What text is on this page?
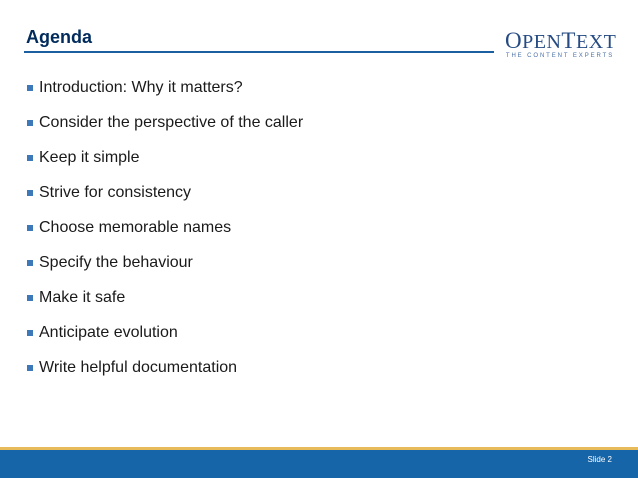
Agenda	OPENTEXT
THE CONTENT EXPERTS
Introduction: Why it matters?
Consider the perspective of the caller
Keep it simple
Strive for consistency
Choose memorable names
Specify the behaviour
Make it safe
Anticipate evolution
Write helpful documentation
Slide 2
